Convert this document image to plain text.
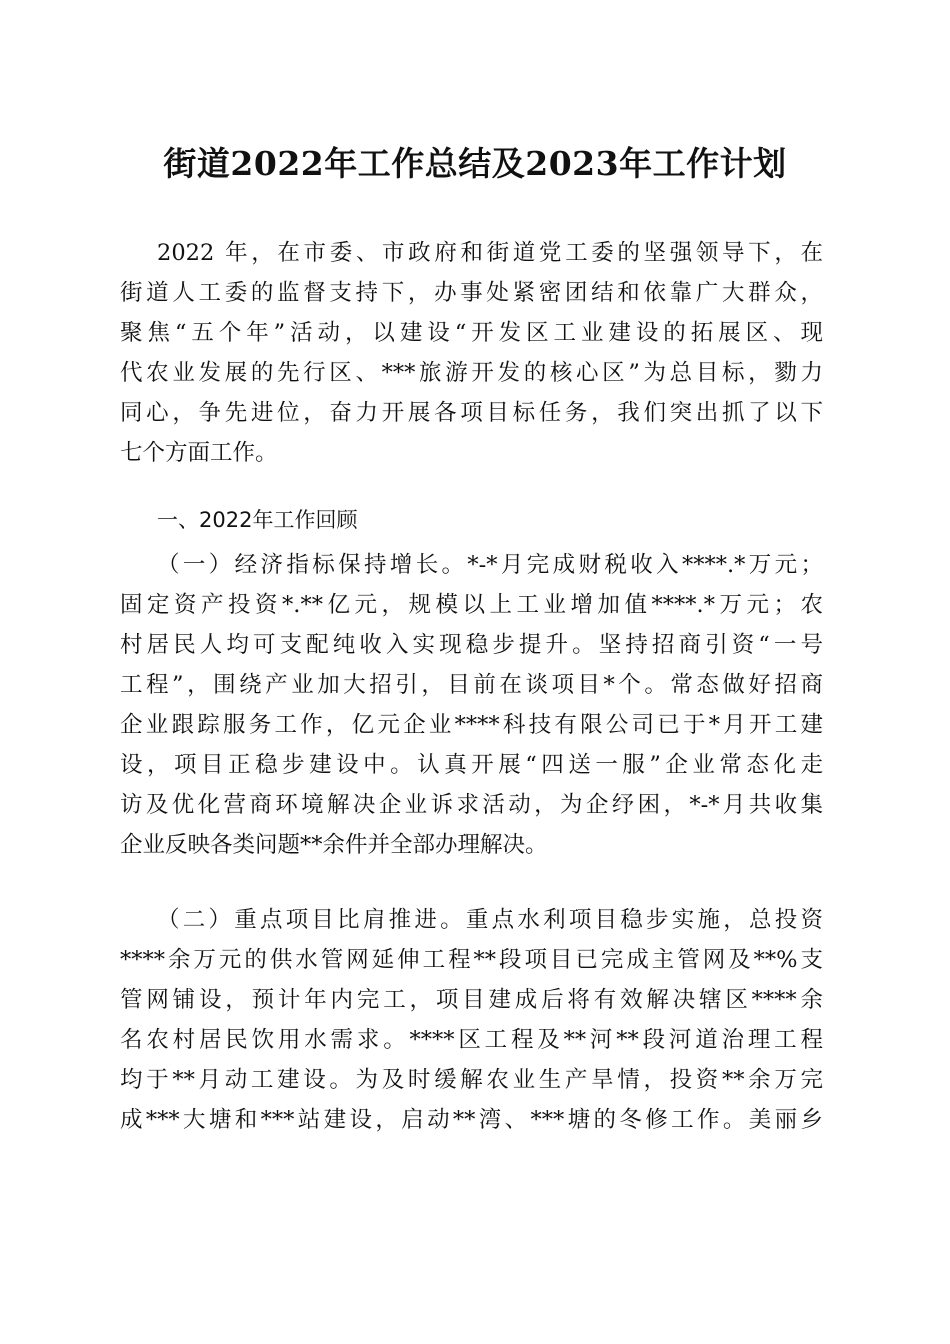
街道2022年工作总结及2023年工作计划
2022 年，在市委、市政府和街道党工委的坚强领导下，在
街道人工委的监督支持下，办事处紧密团结和依靠广大群众，
聚焦“五个年”活动，以建设“开发区工业建设的拓展区、现
代农业发展的先行区、***旅游开发的核心区”为总目标，勠力
同心，争先进位，奋力开展各项目标任务，我们突出抓了以下
七个方面工作。
一、2022年工作回顾
（一）经济指标保持增长。*-*月完成财税收入****.*万元；
固定资产投资*.**亿元，规模以上工业增加值****.*万元；农
村居民人均可支配纯收入实现稳步提升。坚持招商引资“一号
工程”，围绕产业加大招引，目前在谈项目*个。常态做好招商
企业跟踪服务工作，亿元企业****科技有限公司已于*月开工建
设，项目正稳步建设中。认真开展“四送一服”企业常态化走
访及优化营商环境解决企业诉求活动，为企纾困，*-*月共收集
企业反映各类问题**余件并全部办理解决。
（二）重点项目比肩推进。重点水利项目稳步实施，总投资
****余万元的供水管网延伸工程**段项目已完成主管网及**%支
管网铺设，预计年内完工，项目建成后将有效解决辖区****余
名农村居民饮用水需求。****区工程及**河**段河道治理工程
均于**月动工建设。为及时缓解农业生产旱情，投资**余万完
成***大塘和***站建设，启动**湾、***塘的冬修工作。美丽乡
